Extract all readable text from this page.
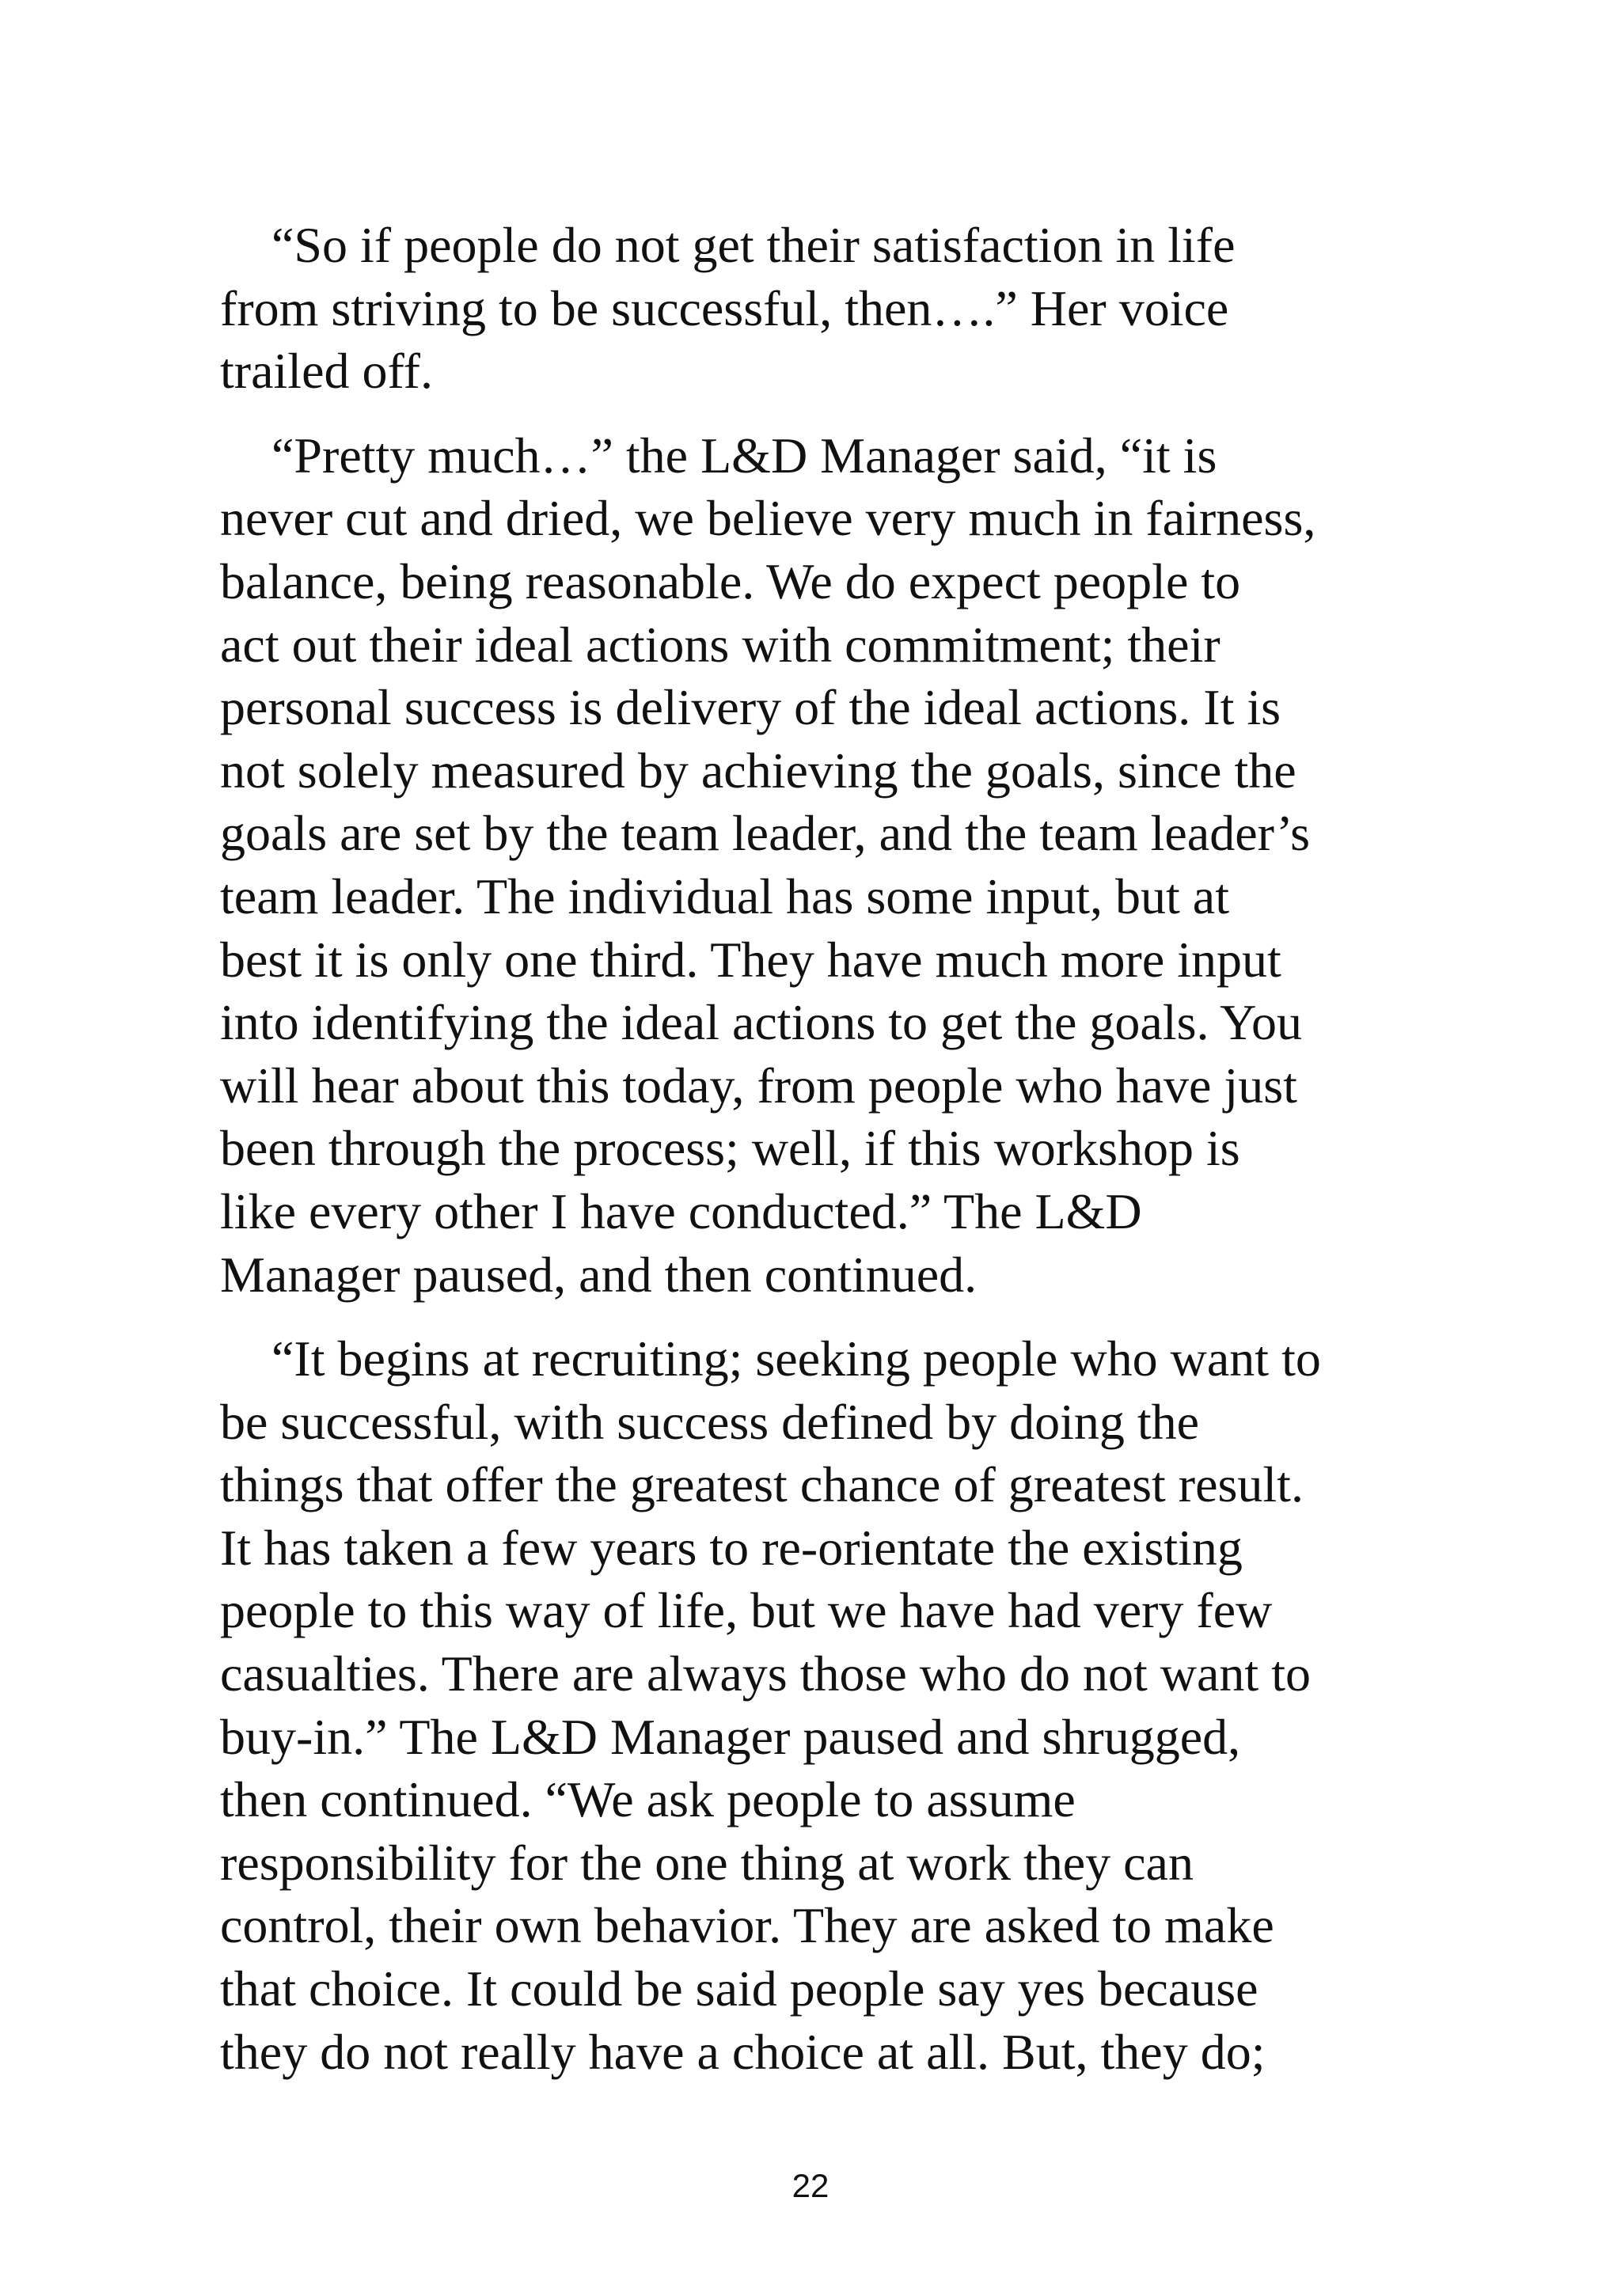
“So if people do not get their satisfaction in life
from striving to be successful, then….” Her voice
trailed off.

“Pretty much…” the L&D Manager said, “it is
never cut and dried, we believe very much in fairness,
balance, being reasonable. We do expect people to
act out their ideal actions with commitment; their
personal success is delivery of the ideal actions. It is
not solely measured by achieving the goals, since the
goals are set by the team leader, and the team leader’s
team leader. The individual has some input, but at
best it is only one third. They have much more input
into identifying the ideal actions to get the goals. You
will hear about this today, from people who have just
been through the process; well, if this workshop is
like every other I have conducted.” The L&D
Manager paused, and then continued.

“It begins at recruiting; seeking people who want to
be successful, with success defined by doing the
things that offer the greatest chance of greatest result.
It has taken a few years to re-orientate the existing
people to this way of life, but we have had very few
casualties. There are always those who do not want to
buy-in.” The L&D Manager paused and shrugged,
then continued. “We ask people to assume
responsibility for the one thing at work they can
control, their own behavior. They are asked to make
that choice. It could be said people say yes because
they do not really have a choice at all. But, they do;

22
